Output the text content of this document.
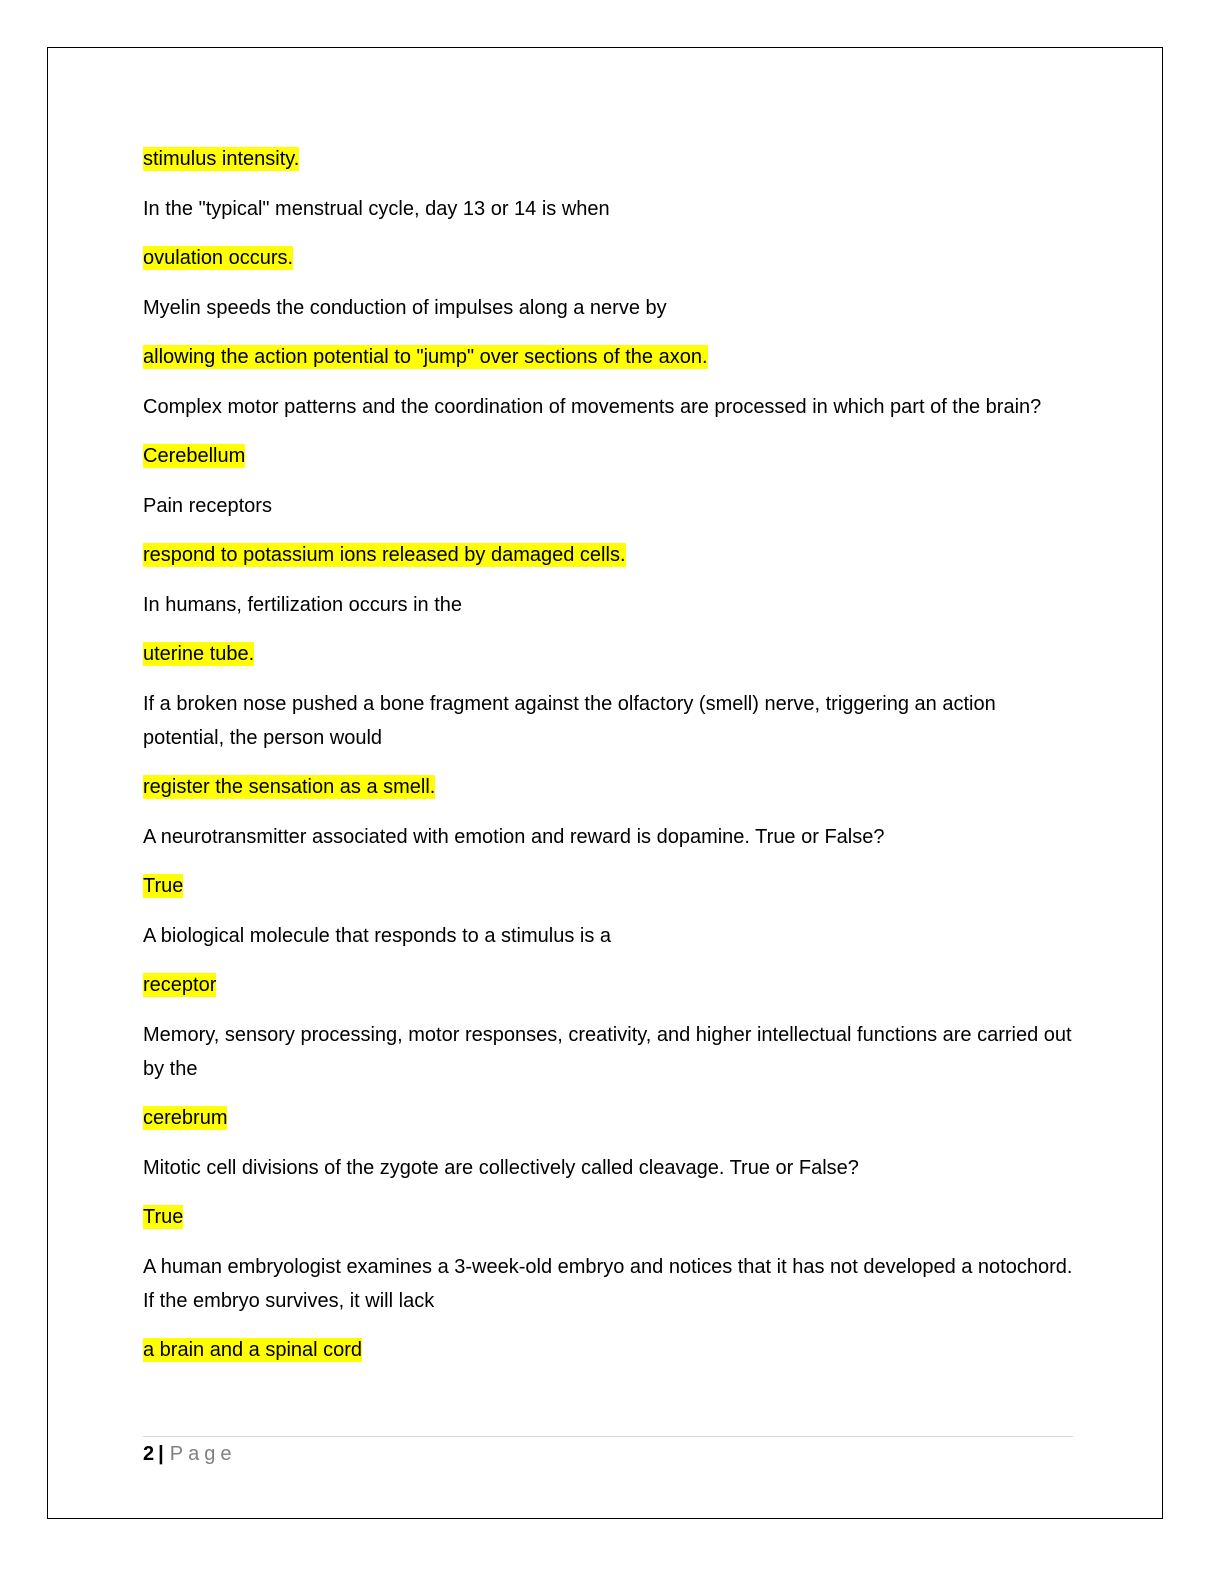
stimulus intensity.

In the "typical" menstrual cycle, day 13 or 14 is when

ovulation occurs.

Myelin speeds the conduction of impulses along a nerve by

allowing the action potential to "jump" over sections of the axon.

Complex motor patterns and the coordination of movements are processed in which part of the brain?

Cerebellum

Pain receptors

respond to potassium ions released by damaged cells.

In humans, fertilization occurs in the

uterine tube.

If a broken nose pushed a bone fragment against the olfactory (smell) nerve, triggering an action potential, the person would

register the sensation as a smell.

A neurotransmitter associated with emotion and reward is dopamine. True or False?

True

A biological molecule that responds to a stimulus is a

receptor

Memory, sensory processing, motor responses, creativity, and higher intellectual functions are carried out by the

cerebrum

Mitotic cell divisions of the zygote are collectively called cleavage. True or False?

True

A human embryologist examines a 3-week-old embryo and notices that it has not developed a notochord. If the embryo survives, it will lack

a brain and a spinal cord

2 | Page
